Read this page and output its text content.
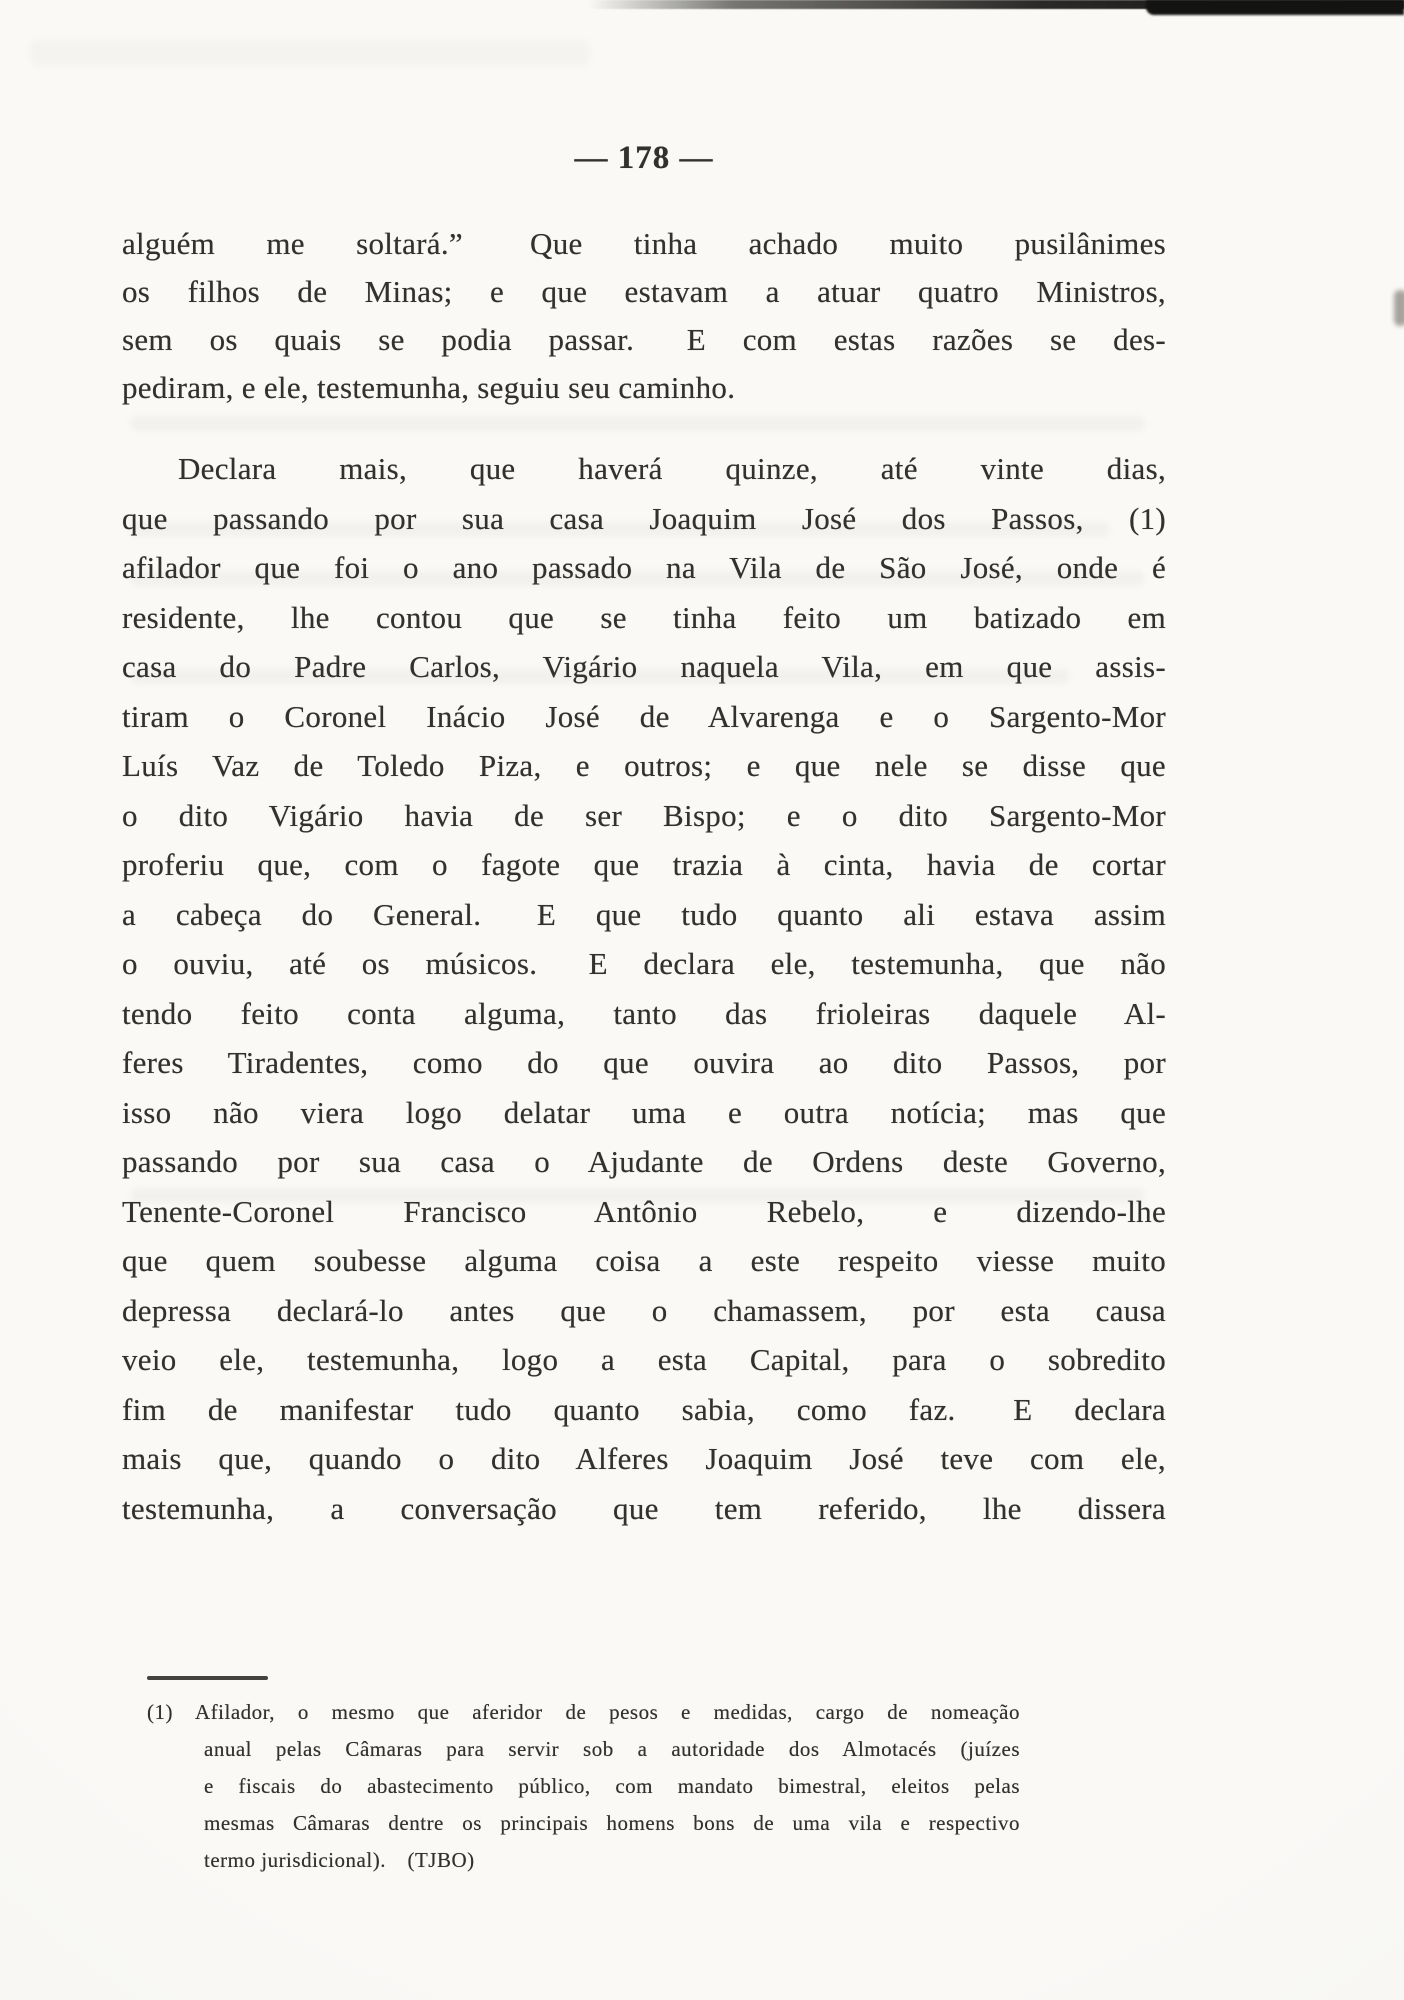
— 178 —
alguém me soltará.”  Que tinha achado muito pusilânimes
os filhos de Minas; e que estavam a atuar quatro Ministros,
sem os quais se podia passar.  E com estas razões se des-
pediram, e ele, testemunha, seguiu seu caminho.
Declara mais, que haverá quinze, até vinte dias,
que passando por sua casa Joaquim José dos Passos, (1)
afilador que foi o ano passado na Vila de São José, onde é
residente, lhe contou que se tinha feito um batizado em
casa do Padre Carlos, Vigário naquela Vila, em que assis-
tiram o Coronel Inácio José de Alvarenga e o Sargento-Mor
Luís Vaz de Toledo Piza, e outros; e que nele se disse que
o dito Vigário havia de ser Bispo; e o dito Sargento-Mor
proferiu que, com o fagote que trazia à cinta, havia de cortar
a cabeça do General.  E que tudo quanto ali estava assim
o ouviu, até os músicos.  E declara ele, testemunha, que não
tendo feito conta alguma, tanto das frioleiras daquele Al-
feres Tiradentes, como do que ouvira ao dito Passos, por
isso não viera logo delatar uma e outra notícia; mas que
passando por sua casa o Ajudante de Ordens deste Governo,
Tenente-Coronel Francisco Antônio Rebelo, e dizendo-lhe
que quem soubesse alguma coisa a este respeito viesse muito
depressa declará-lo antes que o chamassem, por esta causa
veio ele, testemunha, logo a esta Capital, para o sobredito
fim de manifestar tudo quanto sabia, como faz.  E declara
mais que, quando o dito Alferes Joaquim José teve com ele,
testemunha, a conversação que tem referido, lhe dissera
(1) Afilador, o mesmo que aferidor de pesos e medidas, cargo de nomeação
anual pelas Câmaras para servir sob a autoridade dos Almotacés (juízes
e fiscais do abastecimento público, com mandato bimestral, eleitos pelas
mesmas Câmaras dentre os principais homens bons de uma vila e respectivo
termo jurisdicional). (TJBO)
